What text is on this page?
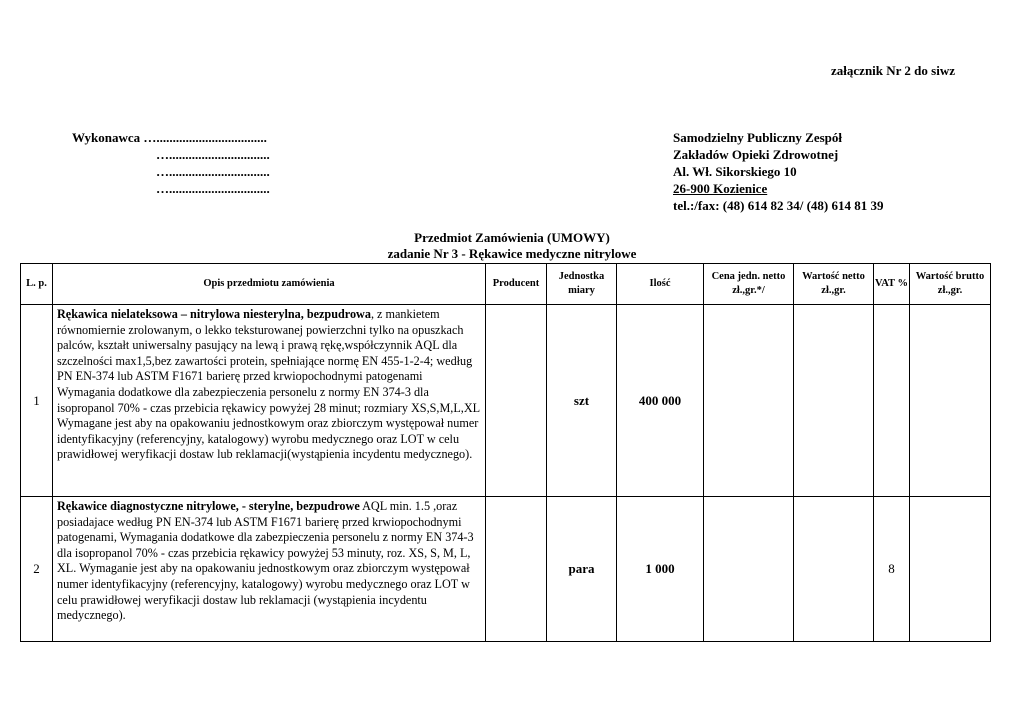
załącznik Nr 2 do siwz
Wykonawca …..................................
…...............................
…...............................
…...............................
Samodzielny Publiczny Zespół
Zakładów Opieki Zdrowotnej
Al. Wł. Sikorskiego 10
26-900 Kozienice
tel.:/fax: (48) 614 82 34/ (48) 614 81 39
Przedmiot Zamówienia (UMOWY)
zadanie Nr 3 - Rękawice medyczne nitrylowe
L. p.	Opis przedmiotu zamówienia	Producent	Jednostka miary	Ilość	Cena jedn. netto zł.,gr.*/	Wartość netto zł.,gr.	VAT %	Wartość brutto zł.,gr.
1	Rękawica nielateksowa – nitrylowa niesterylna, bezpudrowa, z mankietem równomiernie zrolowanym, o lekko teksturowanej powierzchni tylko na opuszkach palców, kształt uniwersalny pasujący na lewą i prawą rękę,współczynnik AQL dla szczelności max1,5,bez zawartości protein, spełniające normę EN 455-1-2-4; według PN EN-374 lub ASTM F1671 barierę przed krwiopochodnymi patogenami Wymagania dodatkowe dla zabezpieczenia personelu z normy EN 374-3 dla isopropanol 70% - czas przebicia rękawicy powyżej 28 minut; rozmiary XS,S,M,L,XL Wymagane jest aby na opakowaniu jednostkowym oraz zbiorczym występował numer identyfikacyjny (referencyjny, katalogowy) wyrobu medycznego oraz LOT w celu prawidłowej weryfikacji dostaw lub reklamacji(wystąpienia incydentu medycznego).		szt	400 000				
2	Rękawice diagnostyczne nitrylowe, - sterylne, bezpudrowe AQL min. 1.5 ,oraz posiadajace według PN EN-374 lub ASTM F1671 barierę przed krwiopochodnymi patogenami, Wymagania dodatkowe dla zabezpieczenia personelu z normy EN 374-3 dla isopropanol 70% - czas przebicia rękawicy powyżej 53 minuty, roz. XS, S, M, L, XL. Wymaganie jest aby na opakowaniu jednostkowym oraz zbiorczym występował numer identyfikacyjny (referencyjny, katalogowy) wyrobu medycznego oraz LOT w celu prawidłowej weryfikacji dostaw lub reklamacji (wystąpienia incydentu medycznego).		para	1 000			8	
